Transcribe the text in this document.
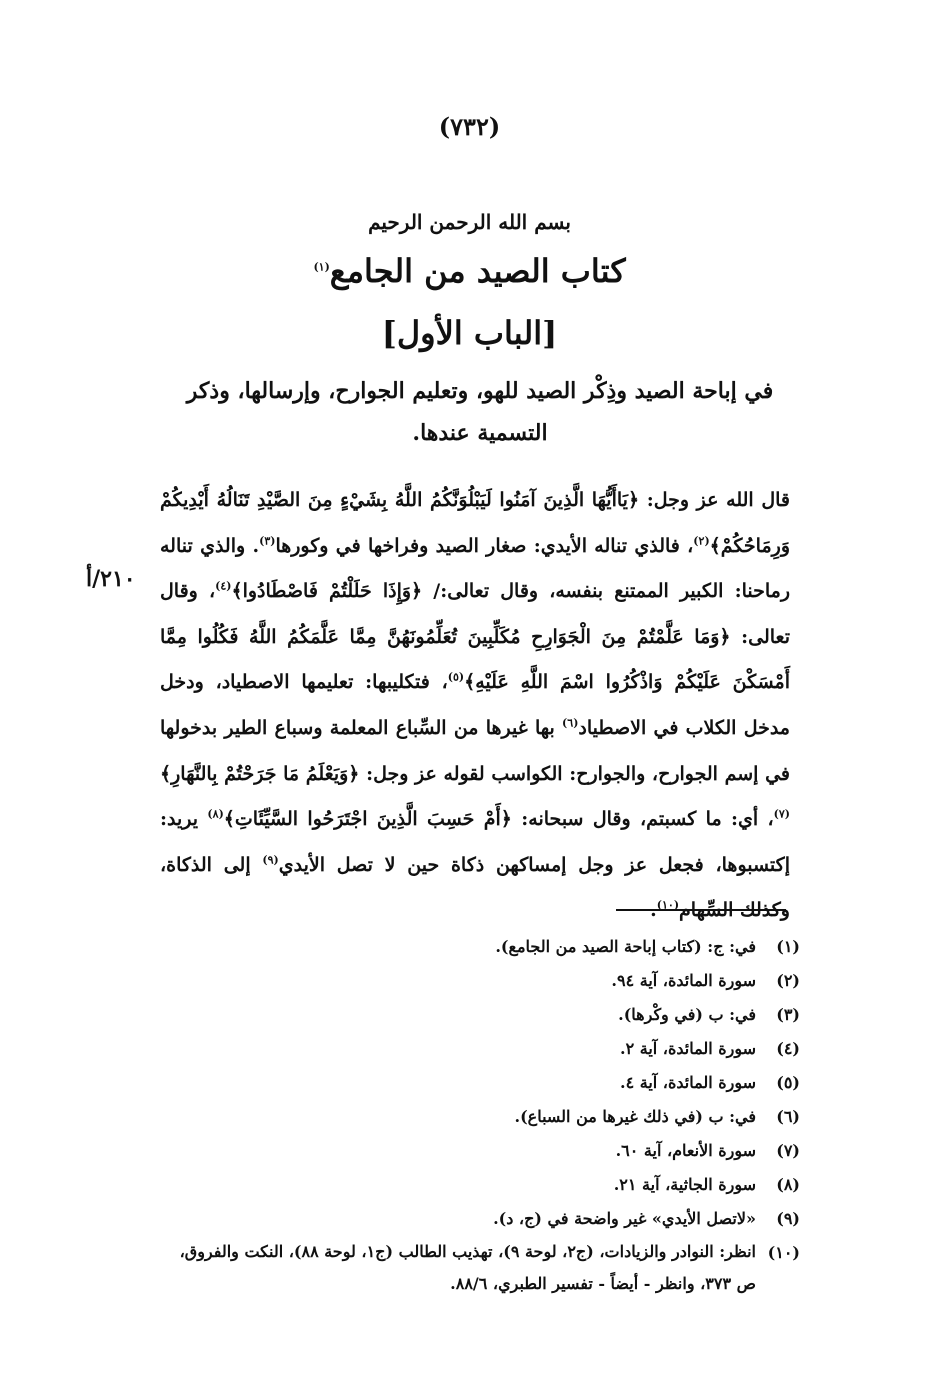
(٧٣٢)
بسم الله الرحمن الرحيم
كتاب الصيد من الجامع$^{(١)}$
[الباب الأول]
في إباحة الصيد وذِكْر الصيد للهو، وتعليم الجوارح، وإرسالها، وذكر التسمية عندها.
٢١٠/أ
قال الله عز وجل: ﴿يَاأَيُّهَا الَّذِينَ آمَنُوا لَيَبْلُوَنَّكُمُ اللَّهُ بِشَيْءٍ مِنَ الصَّيْدِ تَنَالُهُ أَيْدِيكُمْ وَرِمَاحُكُمْ﴾$^{(٢)}$، فالذي تناله الأيدي: صغار الصيد وفراخها في وكورها$^{(٣)}$. والذي تناله رماحنا: الكبير الممتنع بنفسه، وقال تعالى:/ ﴿وَإِذَا حَلَلْتُمْ فَاصْطَادُوا﴾$^{(٤)}$، وقال تعالى: ﴿وَمَا عَلَّمْتُمْ مِنَ الْجَوَارِحِ مُكَلِّبِينَ تُعَلِّمُونَهُنَّ مِمَّا عَلَّمَكُمُ اللَّهُ فَكُلُوا مِمَّا أَمْسَكْنَ عَلَيْكُمْ وَاذْكُرُوا اسْمَ اللَّهِ عَلَيْهِ﴾$^{(٥)}$، فتكليبها: تعليمها الاصطياد، ودخل مدخل الكلاب في الاصطياد$^{(٦)}$ بها غيرها من السِّباع المعلمة وسباع الطير بدخولها في إسم الجوارح، والجوارح: الكواسب لقوله عز وجل: ﴿وَيَعْلَمُ مَا جَرَحْتُمْ بِالنَّهَارِ﴾$^{(٧)}$، أي: ما كسبتم، وقال سبحانه: ﴿أَمْ حَسِبَ الَّذِينَ اجْتَرَحُوا السَّيِّئَاتِ﴾$^{(٨)}$ يريد: إكتسبوها، فجعل عز وجل إمساكهن ذكاة حين لا تصل الأيدي$^{(٩)}$ إلى الذكاة، وكذلك السِّهام$^{(١٠)}$.
(١)
في: ج: (كتاب إباحة الصيد من الجامع).
(٢)
سورة المائدة، آية ٩٤.
(٣)
في: ب (في وكْرها).
(٤)
سورة المائدة، آية ٢.
(٥)
سورة المائدة، آية ٤.
(٦)
في: ب (في ذلك غيرها من السباع).
(٧)
سورة الأنعام، آية ٦٠.
(٨)
سورة الجاثية، آية ٢١.
(٩)
«لاتصل الأيدي» غير واضحة في (ج، د).
(١٠)
انظر: النوادر والزيادات، (ج٢، لوحة ٩)، تهذيب الطالب (ج١، لوحة ٨٨)، النكت والفروق، ص ٣٧٣، وانظر - أيضاً - تفسير الطبري، ٨٨/٦.
